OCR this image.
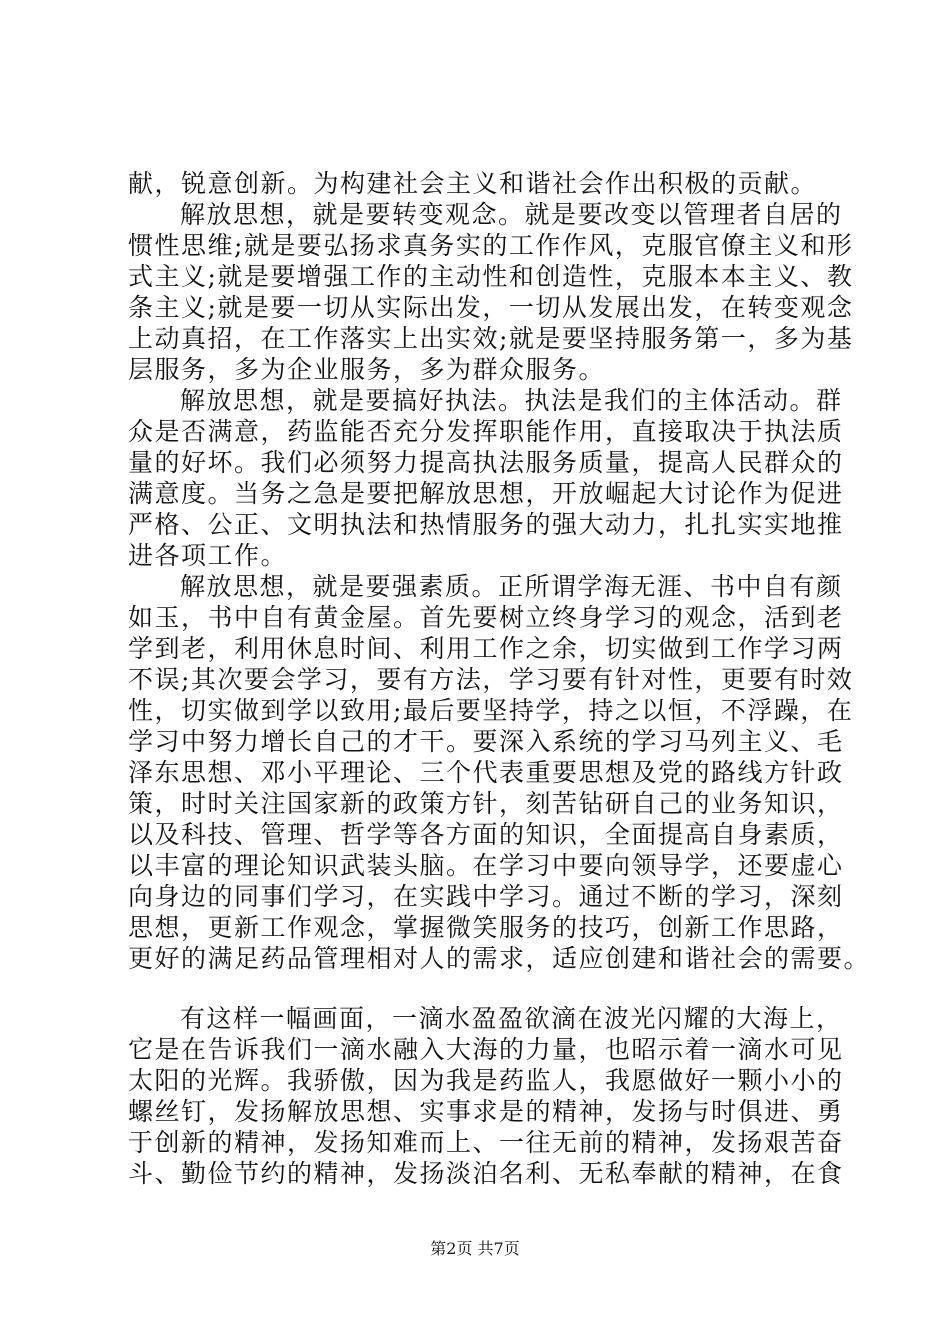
献，锐意创新。为构建社会主义和谐社会作出积极的贡献。
解放思想，就是要转变观念。就是要改变以管理者自居的
惯性思维;就是要弘扬求真务实的工作作风，克服官僚主义和形
式主义;就是要增强工作的主动性和创造性，克服本本主义、教
条主义;就是要一切从实际出发，一切从发展出发，在转变观念
上动真招，在工作落实上出实效;就是要坚持服务第一，多为基
层服务，多为企业服务，多为群众服务。
解放思想，就是要搞好执法。执法是我们的主体活动。群
众是否满意，药监能否充分发挥职能作用，直接取决于执法质
量的好坏。我们必须努力提高执法服务质量，提高人民群众的
满意度。当务之急是要把解放思想，开放崛起大讨论作为促进
严格、公正、文明执法和热情服务的强大动力，扎扎实实地推
进各项工作。
解放思想，就是要强素质。正所谓学海无涯、书中自有颜
如玉，书中自有黄金屋。首先要树立终身学习的观念，活到老
学到老，利用休息时间、利用工作之余，切实做到工作学习两
不误;其次要会学习，要有方法，学习要有针对性，更要有时效
性，切实做到学以致用;最后要坚持学，持之以恒，不浮躁，在
学习中努力增长自己的才干。要深入系统的学习马列主义、毛
泽东思想、邓小平理论、三个代表重要思想及党的路线方针政
策，时时关注国家新的政策方针，刻苦钻研自己的业务知识，
以及科技、管理、哲学等各方面的知识，全面提高自身素质，
以丰富的理论知识武装头脑。在学习中要向领导学，还要虚心
向身边的同事们学习，在实践中学习。通过不断的学习，深刻
思想，更新工作观念，掌握微笑服务的技巧，创新工作思路，
更好的满足药品管理相对人的需求，适应创建和谐社会的需要。
有这样一幅画面，一滴水盈盈欲滴在波光闪耀的大海上，
它是在告诉我们一滴水融入大海的力量，也昭示着一滴水可见
太阳的光辉。我骄傲，因为我是药监人，我愿做好一颗小小的
螺丝钉，发扬解放思想、实事求是的精神，发扬与时俱进、勇
于创新的精神，发扬知难而上、一往无前的精神，发扬艰苦奋
斗、勤俭节约的精神，发扬淡泊名利、无私奉献的精神，在食
第2页 共7页
